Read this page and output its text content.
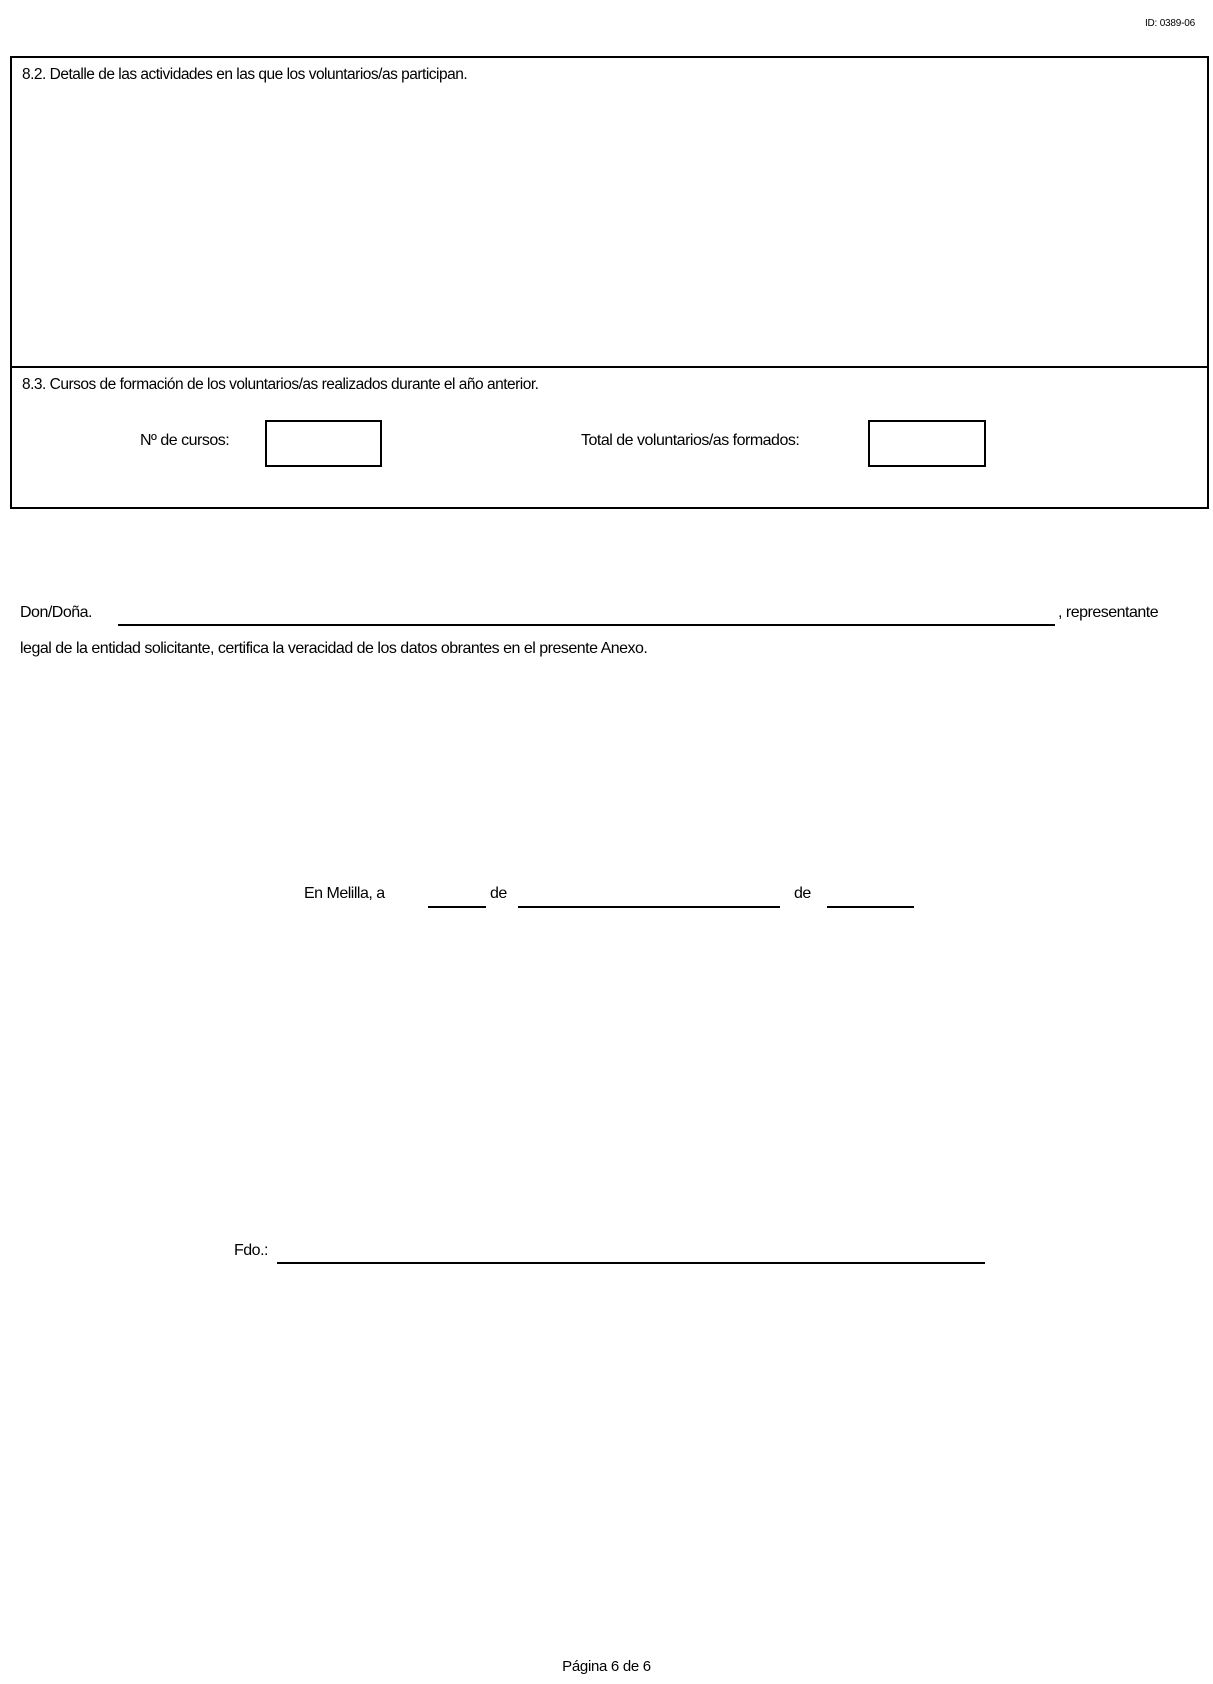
ID: 0389-06
8.2. Detalle de las actividades en las que los voluntarios/as participan.
8.3. Cursos de formación de los voluntarios/as realizados durante el año anterior.
Nº de cursos:	Total de voluntarios/as formados:
Don/Doña.	, representante
legal de la entidad solicitante, certifica la veracidad de los datos obrantes en el presente Anexo.
En Melilla, a	de	de
Fdo.:
Página 6 de 6
